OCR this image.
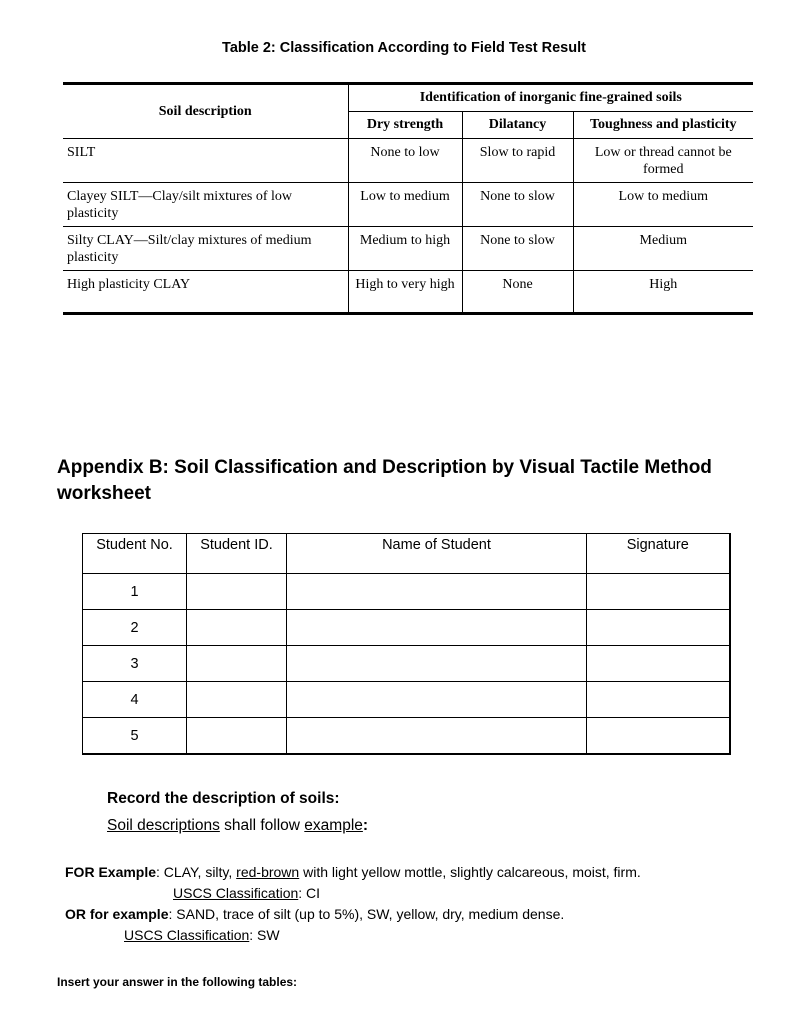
Table 2: Classification According to Field Test Result
Soil description	Identification of inorganic fine-grained soils		
	Dry strength	Dilatancy	Toughness and plasticity
SILT	None to low	Slow to rapid	Low or thread cannot be formed
Clayey SILT—Clay/silt mixtures of low plasticity	Low to medium	None to slow	Low to medium
Silty CLAY—Silt/clay mixtures of medium plasticity	Medium to high	None to slow	Medium
High plasticity CLAY	High to very high	None	High
Appendix B: Soil Classification and Description by Visual Tactile Method worksheet
Student No.	Student ID.	Name of Student	Signature
1			
2			
3			
4			
5			
Record the description of soils:
Soil descriptions shall follow example:
FOR Example: CLAY, silty, red-brown with light yellow mottle, slightly calcareous, moist, firm.
USCS Classification: CI
OR for example: SAND, trace of silt (up to 5%), SW, yellow, dry, medium dense.
USCS Classification: SW
Insert your answer in the following tables:
